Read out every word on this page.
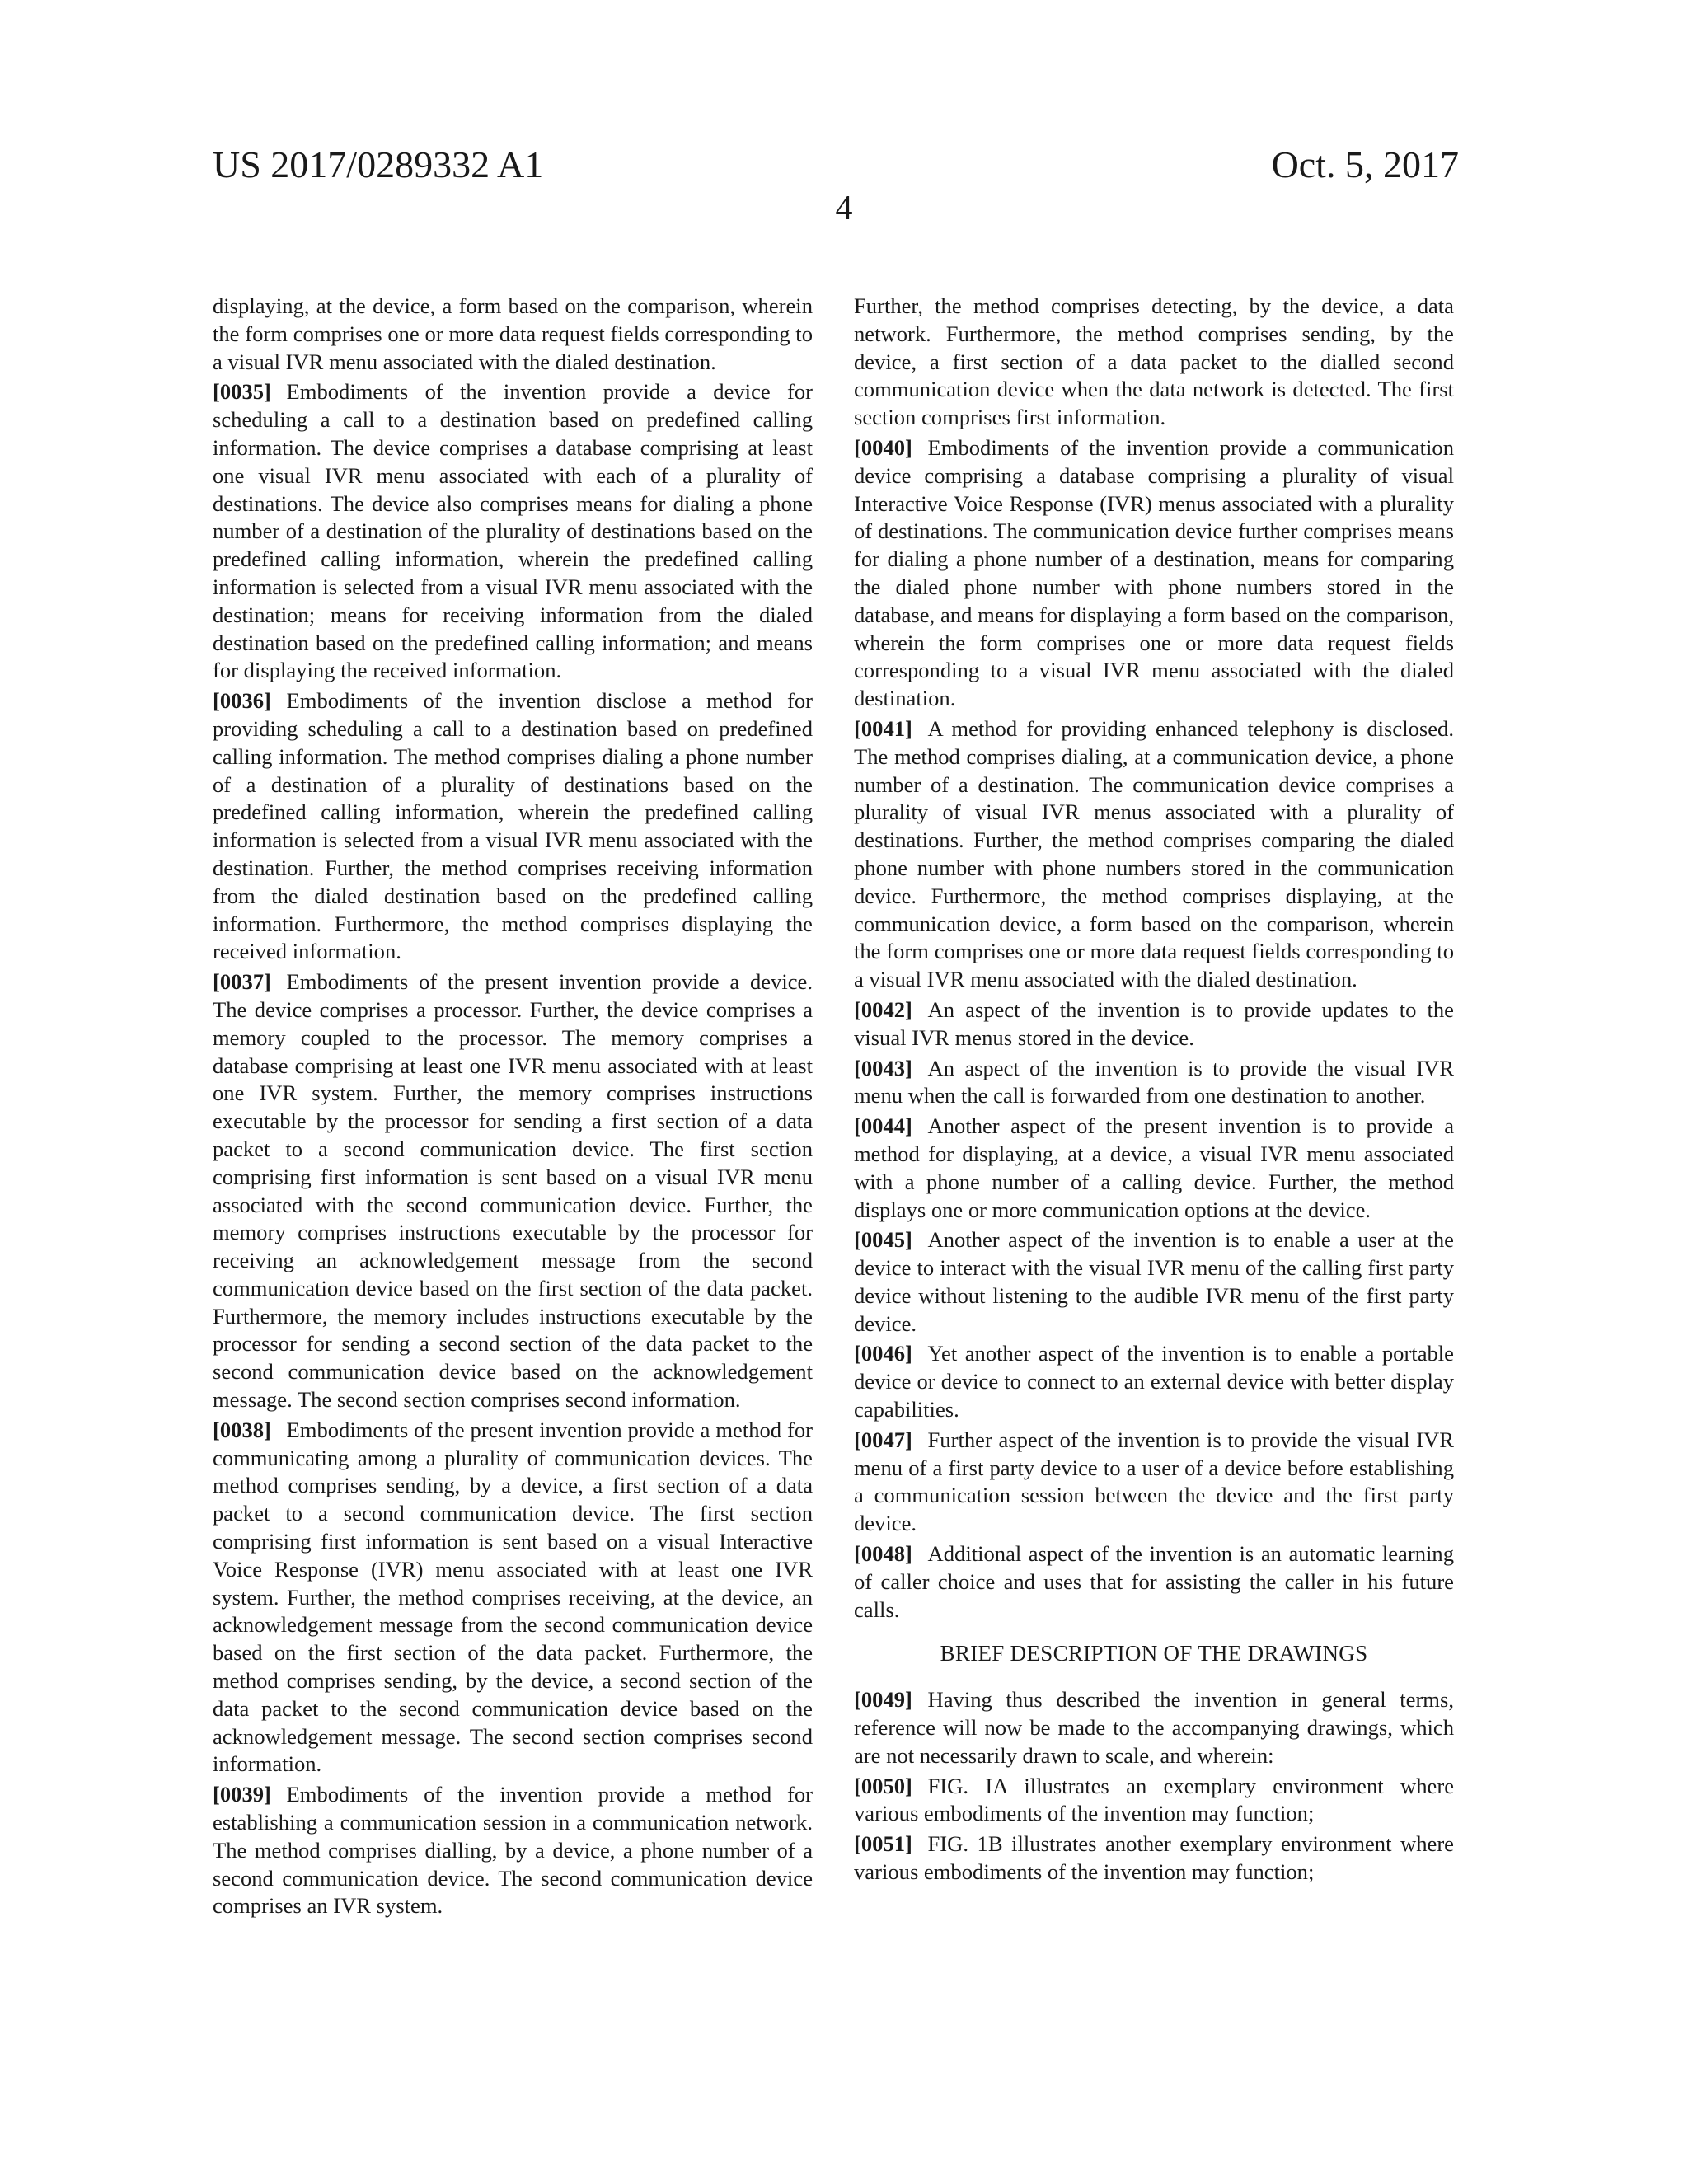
US 2017/0289332 A1	Oct. 5, 2017
4

displaying, at the device, a form based on the comparison, wherein the form comprises one or more data request fields corresponding to a visual IVR menu associated with the dialed destination.

[0035] Embodiments of the invention provide a device for scheduling a call to a destination based on predefined calling information. The device comprises a database comprising at least one visual IVR menu associated with each of a plurality of destinations. The device also comprises means for dialing a phone number of a destination of the plurality of destinations based on the predefined calling information, wherein the predefined calling information is selected from a visual IVR menu associated with the destination; means for receiving information from the dialed destination based on the predefined calling information; and means for displaying the received information.

[0036] Embodiments of the invention disclose a method for providing scheduling a call to a destination based on predefined calling information. The method comprises dialing a phone number of a destination of a plurality of destinations based on the predefined calling information, wherein the predefined calling information is selected from a visual IVR menu associated with the destination. Further, the method comprises receiving information from the dialed destination based on the predefined calling information. Furthermore, the method comprises displaying the received information.

[0037] Embodiments of the present invention provide a device. The device comprises a processor. Further, the device comprises a memory coupled to the processor. The memory comprises a database comprising at least one IVR menu associated with at least one IVR system. Further, the memory comprises instructions executable by the processor for sending a first section of a data packet to a second communication device. The first section comprising first information is sent based on a visual IVR menu associated with the second communication device. Further, the memory comprises instructions executable by the processor for receiving an acknowledgement message from the second communication device based on the first section of the data packet. Furthermore, the memory includes instructions executable by the processor for sending a second section of the data packet to the second communication device based on the acknowledgement message. The second section comprises second information.

[0038] Embodiments of the present invention provide a method for communicating among a plurality of communication devices. The method comprises sending, by a device, a first section of a data packet to a second communication device. The first section comprising first information is sent based on a visual Interactive Voice Response (IVR) menu associated with at least one IVR system. Further, the method comprises receiving, at the device, an acknowledgement message from the second communication device based on the first section of the data packet. Furthermore, the method comprises sending, by the device, a second section of the data packet to the second communication device based on the acknowledgement message. The second section comprises second information.

[0039] Embodiments of the invention provide a method for establishing a communication session in a communication network. The method comprises dialling, by a device, a phone number of a second communication device. The second communication device comprises an IVR system.

Further, the method comprises detecting, by the device, a data network. Furthermore, the method comprises sending, by the device, a first section of a data packet to the dialled second communication device when the data network is detected. The first section comprises first information.

[0040] Embodiments of the invention provide a communication device comprising a database comprising a plurality of visual Interactive Voice Response (IVR) menus associated with a plurality of destinations. The communication device further comprises means for dialing a phone number of a destination, means for comparing the dialed phone number with phone numbers stored in the database, and means for displaying a form based on the comparison, wherein the form comprises one or more data request fields corresponding to a visual IVR menu associated with the dialed destination.

[0041] A method for providing enhanced telephony is disclosed. The method comprises dialing, at a communication device, a phone number of a destination. The communication device comprises a plurality of visual IVR menus associated with a plurality of destinations. Further, the method comprises comparing the dialed phone number with phone numbers stored in the communication device. Furthermore, the method comprises displaying, at the communication device, a form based on the comparison, wherein the form comprises one or more data request fields corresponding to a visual IVR menu associated with the dialed destination.

[0042] An aspect of the invention is to provide updates to the visual IVR menus stored in the device.

[0043] An aspect of the invention is to provide the visual IVR menu when the call is forwarded from one destination to another.

[0044] Another aspect of the present invention is to provide a method for displaying, at a device, a visual IVR menu associated with a phone number of a calling device. Further, the method displays one or more communication options at the device.

[0045] Another aspect of the invention is to enable a user at the device to interact with the visual IVR menu of the calling first party device without listening to the audible IVR menu of the first party device.

[0046] Yet another aspect of the invention is to enable a portable device or device to connect to an external device with better display capabilities.

[0047] Further aspect of the invention is to provide the visual IVR menu of a first party device to a user of a device before establishing a communication session between the device and the first party device.

[0048] Additional aspect of the invention is an automatic learning of caller choice and uses that for assisting the caller in his future calls.

BRIEF DESCRIPTION OF THE DRAWINGS

[0049] Having thus described the invention in general terms, reference will now be made to the accompanying drawings, which are not necessarily drawn to scale, and wherein:

[0050] FIG. IA illustrates an exemplary environment where various embodiments of the invention may function;

[0051] FIG. 1B illustrates another exemplary environment where various embodiments of the invention may function;
